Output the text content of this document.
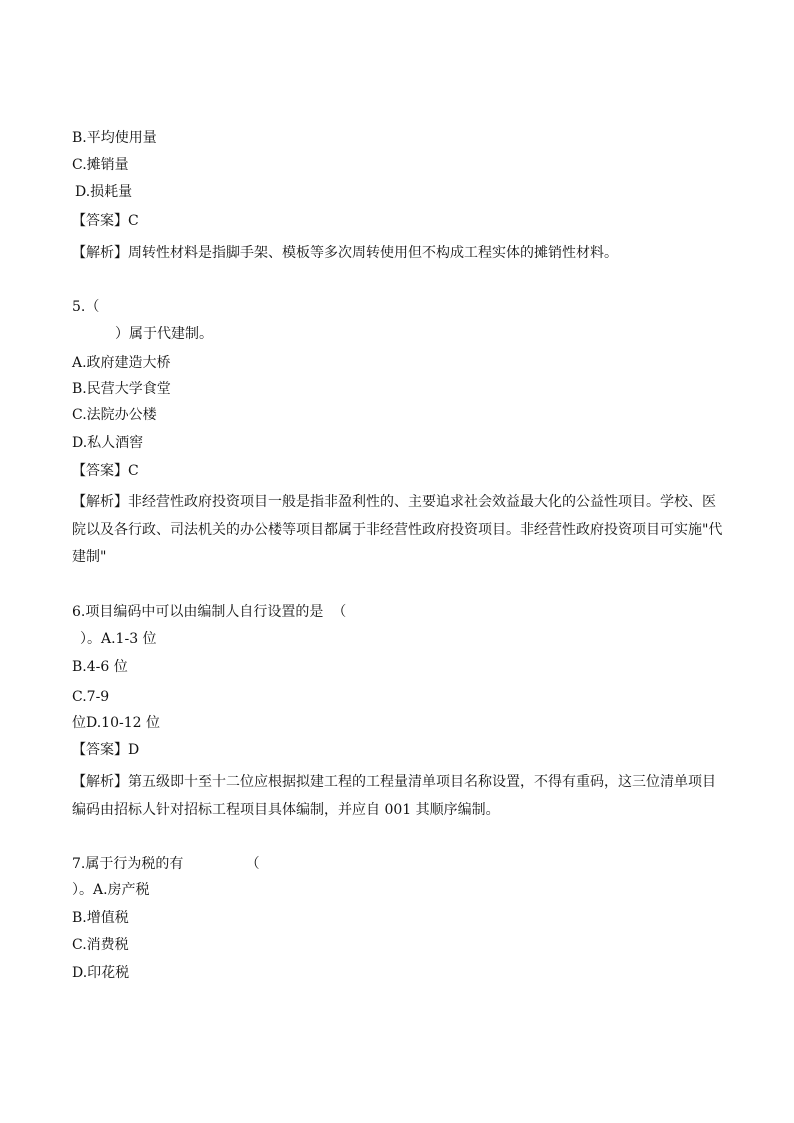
B.平均使用量
C.摊销量
D.损耗量
【答案】C
【解析】周转性材料是指脚手架、模板等多次周转使用但不构成工程实体的摊销性材料。
5.（
）属于代建制。
A.政府建造大桥
B.民营大学食堂
C.法院办公楼
D.私人酒窖
【答案】C
【解析】非经营性政府投资项目一般是指非盈利性的、主要追求社会效益最大化的公益性项目。学校、医
院以及各行政、司法机关的办公楼等项目都属于非经营性政府投资项目。非经营性政府投资项目可实施"代
建制"
6.项目编码中可以由编制人自行设置的是  （
）。A.1-3 位
B.4-6 位
C.7-9
位D.10-12 位
【答案】D
【解析】第五级即十至十二位应根据拟建工程的工程量清单项目名称设置，不得有重码，这三位清单项目
编码由招标人针对招标工程项目具体编制，并应自 001 其顺序编制。
7.属于行为税的有              （
）。A.房产税
B.增值税
C.消费税
D.印花税
